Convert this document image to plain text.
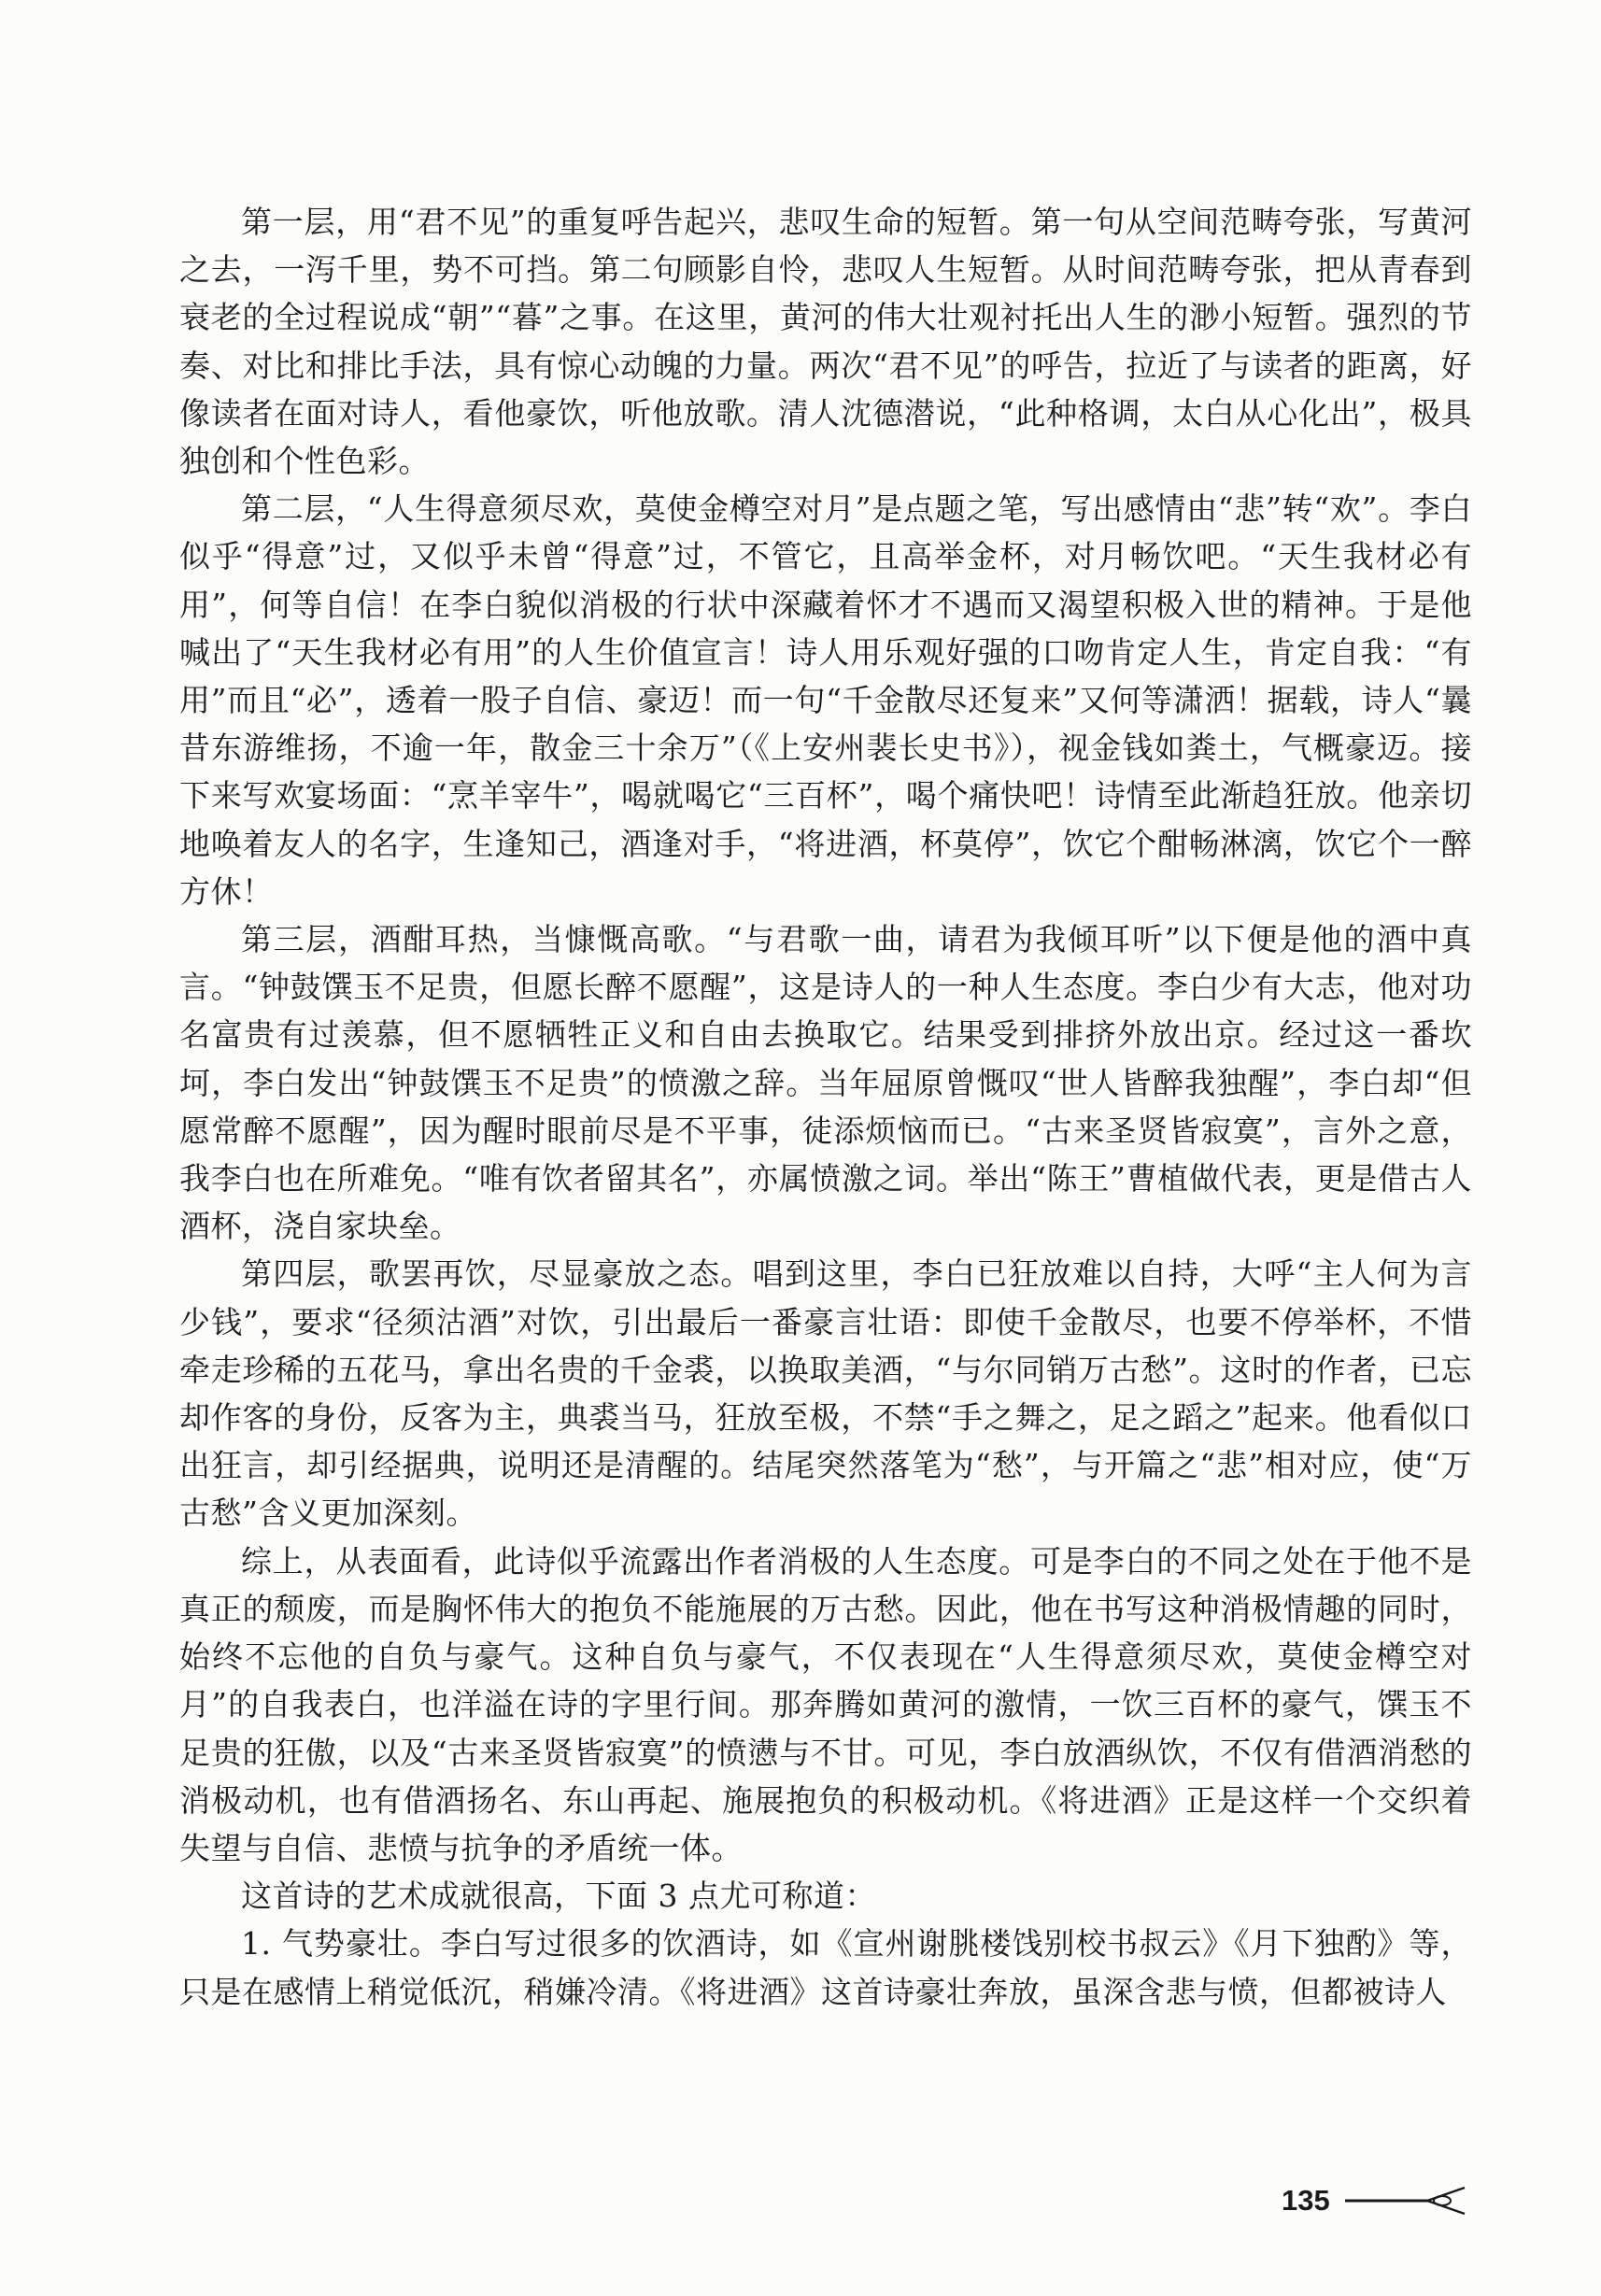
第一层，用“君不见”的重复呼告起兴，悲叹生命的短暂。第一句从空间范畴夸张，写黄河之去，一泻千里，势不可挡。第二句顾影自怜，悲叹人生短暂。从时间范畴夸张，把从青春到衰老的全过程说成“朝”“暮”之事。在这里，黄河的伟大壮观衬托出人生的渺小短暂。强烈的节奏、对比和排比手法，具有惊心动魄的力量。两次“君不见”的呼告，拉近了与读者的距离，好像读者在面对诗人，看他豪饮，听他放歌。清人沈德潜说，“此种格调，太白从心化出”，极具独创和个性色彩。

第二层，“人生得意须尽欢，莫使金樽空对月”是点题之笔，写出感情由“悲”转“欢”。李白似乎“得意”过，又似乎未曾“得意”过，不管它，且高举金杯，对月畅饮吧。“天生我材必有用”，何等自信！在李白貌似消极的行状中深藏着怀才不遇而又渴望积极入世的精神。于是他喊出了“天生我材必有用”的人生价值宣言！诗人用乐观好强的口吻肯定人生，肯定自我：“有用”而且“必”，透着一股子自信、豪迈！而一句“千金散尽还复来”又何等潇洒！据载，诗人“曩昔东游维扬，不逾一年，散金三十余万”（《上安州裴长史书》），视金钱如粪土，气概豪迈。接下来写欢宴场面：“烹羊宰牛”，喝就喝它“三百杯”，喝个痛快吧！诗情至此渐趋狂放。他亲切地唤着友人的名字，生逢知己，酒逢对手，“将进酒，杯莫停”，饮它个酣畅淋漓，饮它个一醉方休！

第三层，酒酣耳热，当慷慨高歌。“与君歌一曲，请君为我倾耳听”以下便是他的酒中真言。“钟鼓馔玉不足贵，但愿长醉不愿醒”，这是诗人的一种人生态度。李白少有大志，他对功名富贵有过羡慕，但不愿牺牲正义和自由去换取它。结果受到排挤外放出京。经过这一番坎坷，李白发出“钟鼓馔玉不足贵”的愤激之辞。当年屈原曾慨叹“世人皆醉我独醒”，李白却“但愿常醉不愿醒”，因为醒时眼前尽是不平事，徒添烦恼而已。“古来圣贤皆寂寞”，言外之意，我李白也在所难免。“唯有饮者留其名”，亦属愤激之词。举出“陈王”曹植做代表，更是借古人酒杯，浇自家块垒。

第四层，歌罢再饮，尽显豪放之态。唱到这里，李白已狂放难以自持，大呼“主人何为言少钱”，要求“径须沽酒”对饮，引出最后一番豪言壮语：即使千金散尽，也要不停举杯，不惜牵走珍稀的五花马，拿出名贵的千金裘，以换取美酒，“与尔同销万古愁”。这时的作者，已忘却作客的身份，反客为主，典裘当马，狂放至极，不禁“手之舞之，足之蹈之”起来。他看似口出狂言，却引经据典，说明还是清醒的。结尾突然落笔为“愁”，与开篇之“悲”相对应，使“万古愁”含义更加深刻。

综上，从表面看，此诗似乎流露出作者消极的人生态度。可是李白的不同之处在于他不是真正的颓废，而是胸怀伟大的抱负不能施展的万古愁。因此，他在书写这种消极情趣的同时，始终不忘他的自负与豪气。这种自负与豪气，不仅表现在“人生得意须尽欢，莫使金樽空对月”的自我表白，也洋溢在诗的字里行间。那奔腾如黄河的激情，一饮三百杯的豪气，馔玉不足贵的狂傲，以及“古来圣贤皆寂寞”的愤懑与不甘。可见，李白放酒纵饮，不仅有借酒消愁的消极动机，也有借酒扬名、东山再起、施展抱负的积极动机。《将进酒》正是这样一个交织着失望与自信、悲愤与抗争的矛盾统一体。

这首诗的艺术成就很高，下面 3 点尤可称道：

1. 气势豪壮。李白写过很多的饮酒诗，如《宣州谢朓楼饯别校书叔云》《月下独酌》等，只是在感情上稍觉低沉，稍嫌冷清。《将进酒》这首诗豪壮奔放，虽深含悲与愤，但都被诗人

135
